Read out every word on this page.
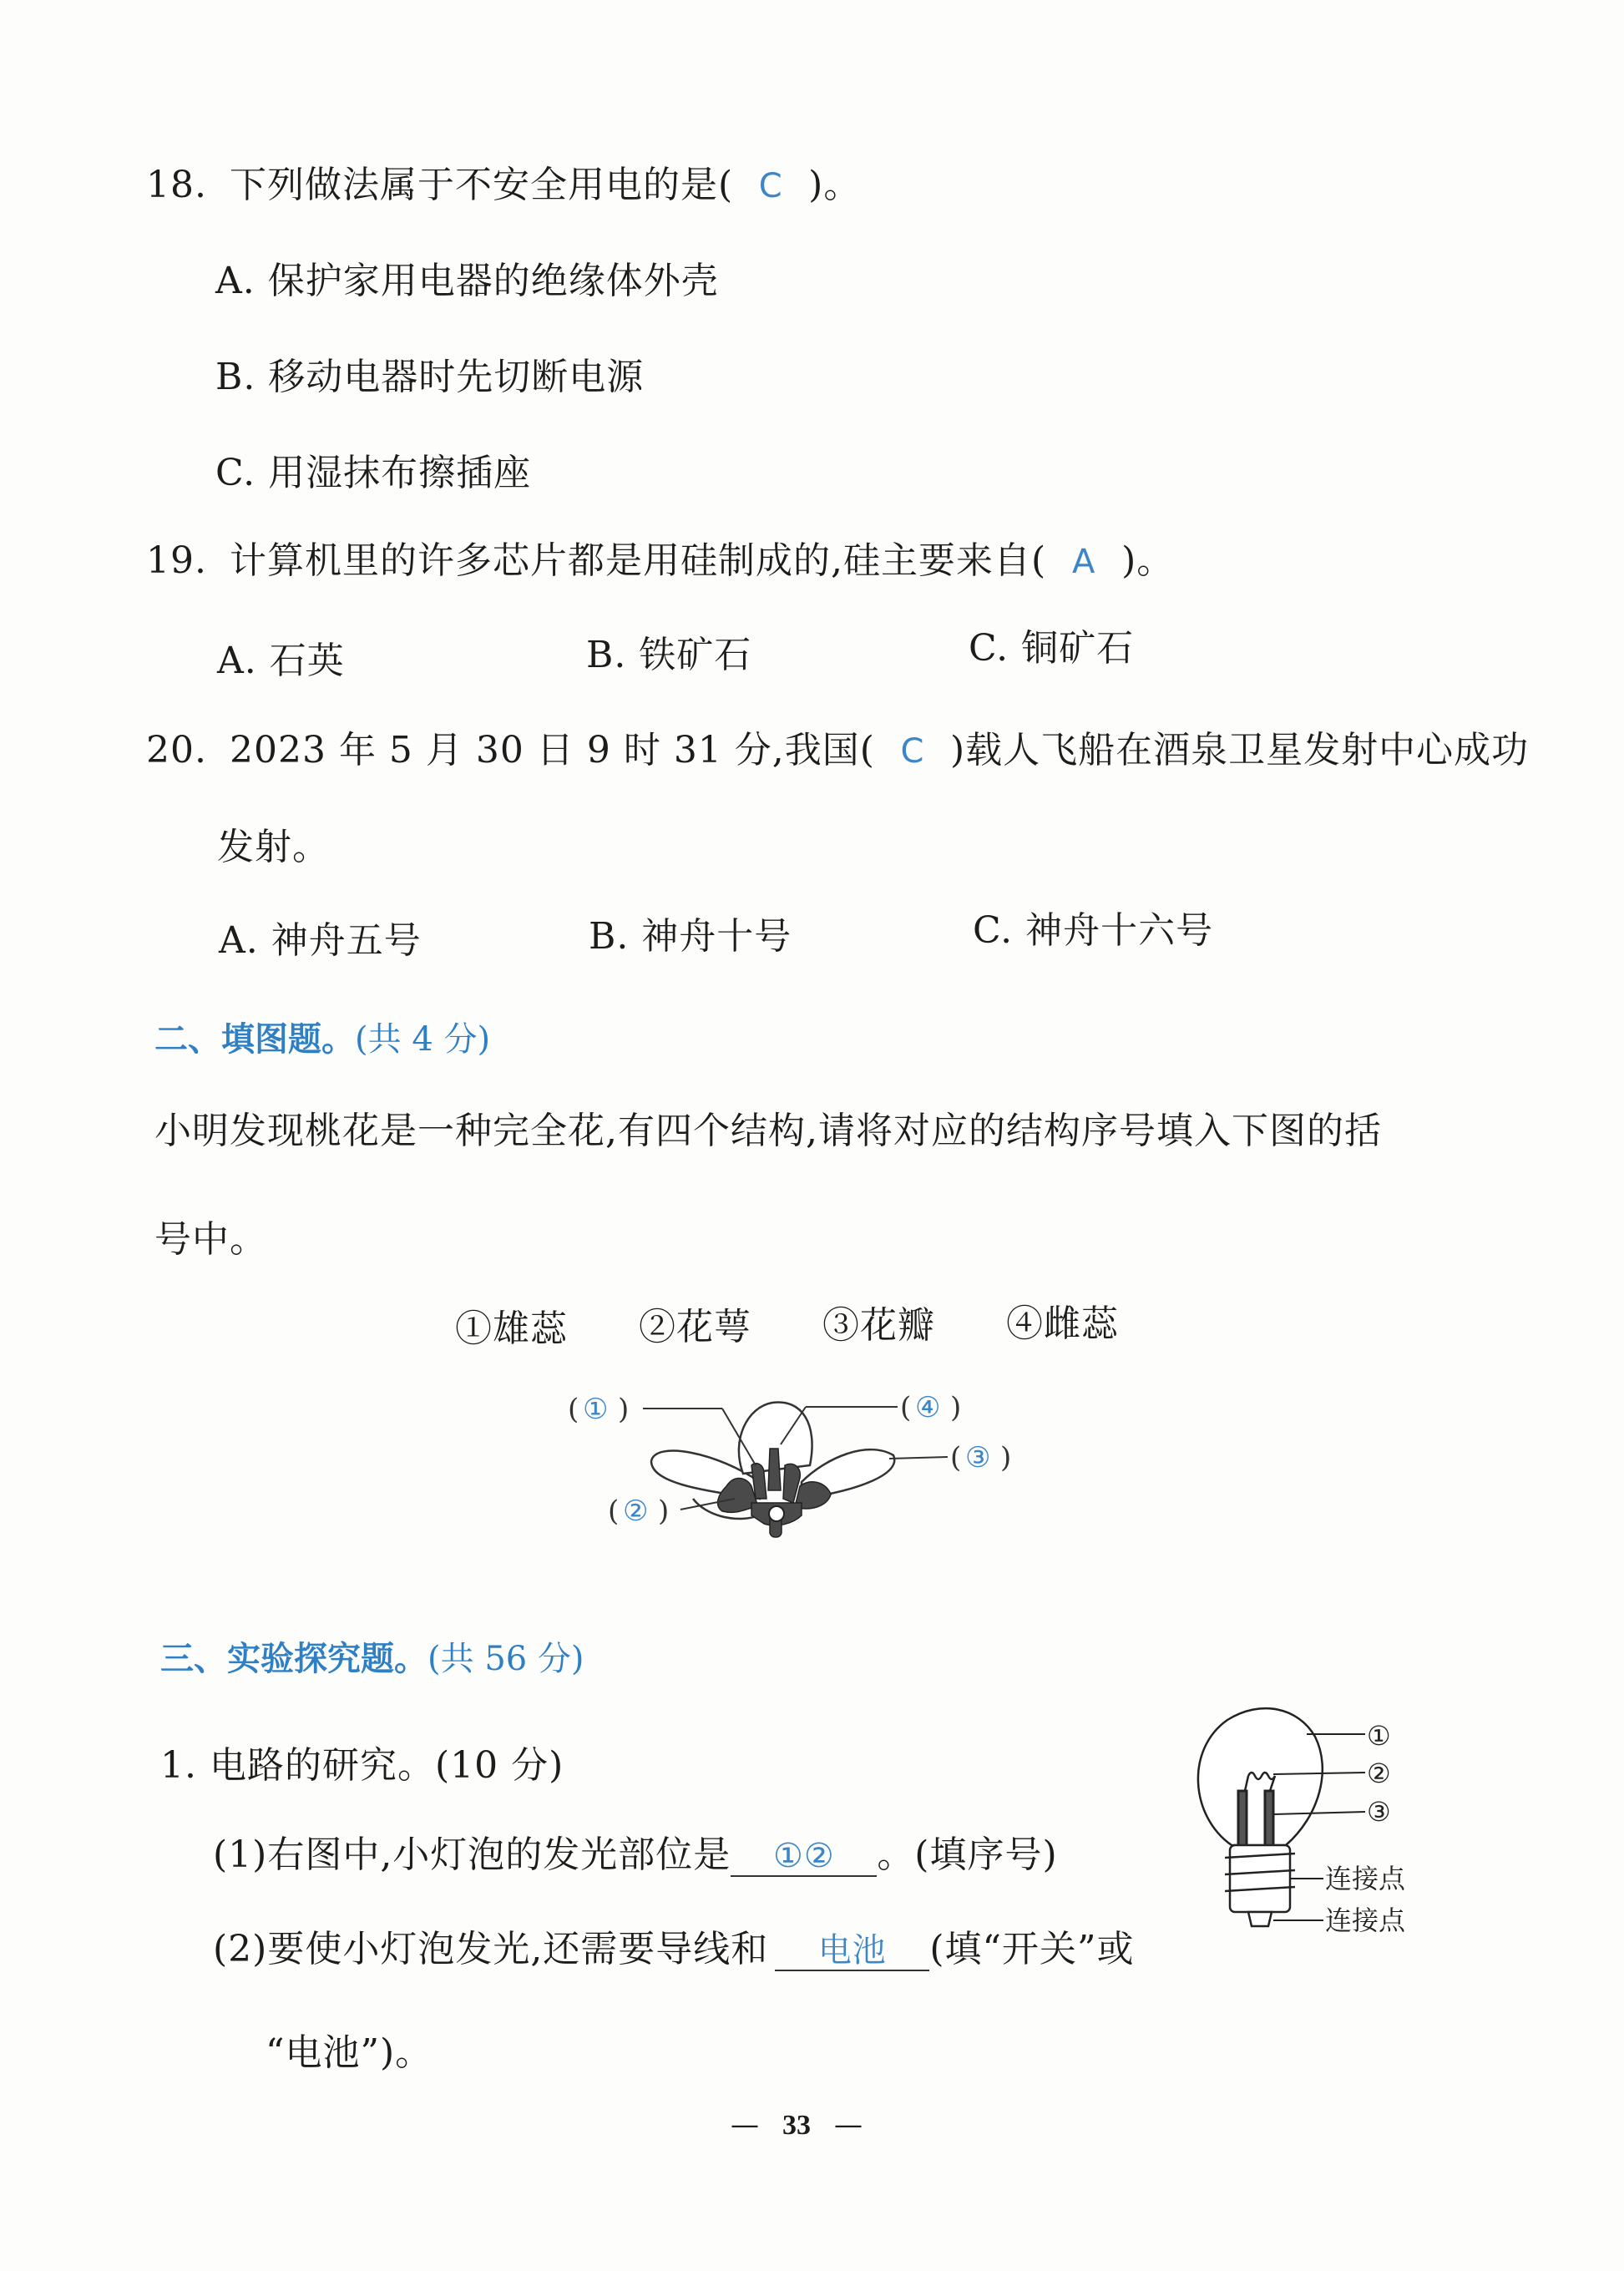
18. 下列做法属于不安全用电的是( C )。
A. 保护家用电器的绝缘体外壳
B. 移动电器时先切断电源
C. 用湿抹布擦插座
19. 计算机里的许多芯片都是用硅制成的,硅主要来自( A )。
A. 石英	B. 铁矿石	C. 铜矿石
20. 2023 年 5 月 30 日 9 时 31 分,我国( C )载人飞船在酒泉卫星发射中心成功
发射。
A. 神舟五号	B. 神舟十号	C. 神舟十六号
二、填图题。(共 4 分)
小明发现桃花是一种完全花,有四个结构,请将对应的结构序号填入下图的括
号中。
①雄蕊 ②花萼 ③花瓣 ④雌蕊
( ① )	( ④ )
( ③ )
( ② )
三、实验探究题。(共 56 分)
1. 电路的研究。(10 分)
(1)右图中,小灯泡的发光部位是 ①② 。(填序号)
(2)要使小灯泡发光,还需要导线和 电池 (填“开关”或
“电池”)。
①
②
③
连接点
连接点
— 33 —
